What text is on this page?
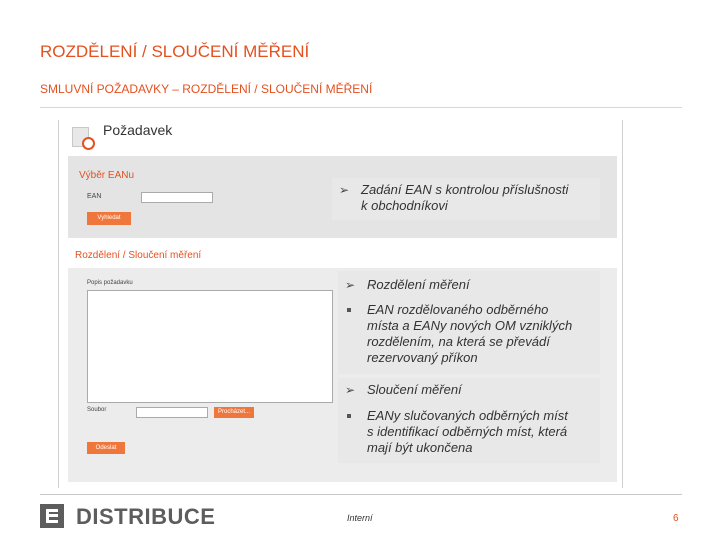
ROZDĚLENÍ / SLOUČENÍ MĚŘENÍ
SMLUVNÍ POŽADAVKY – ROZDĚLENÍ / SLOUČENÍ MĚŘENÍ
Požadavek
Výběr EANu
EAN
Vyhledat
Rozdělení / Sloučení měření
Popis požadavku
Soubor	Procházet...
Odeslat
➢ Zadání EAN s kontrolou příslušnosti
k obchodníkovi
➢ Rozdělení měření
EAN rozdělovaného odběrného
místa a EANy nových OM vzniklých
rozdělením, na která se převádí
rezervovaný příkon
➢ Sloučení měření
EANy slučovaných odběrných míst
s identifikací odběrných míst, která
mají být ukončena
DISTRIBUCE	Interní	6
